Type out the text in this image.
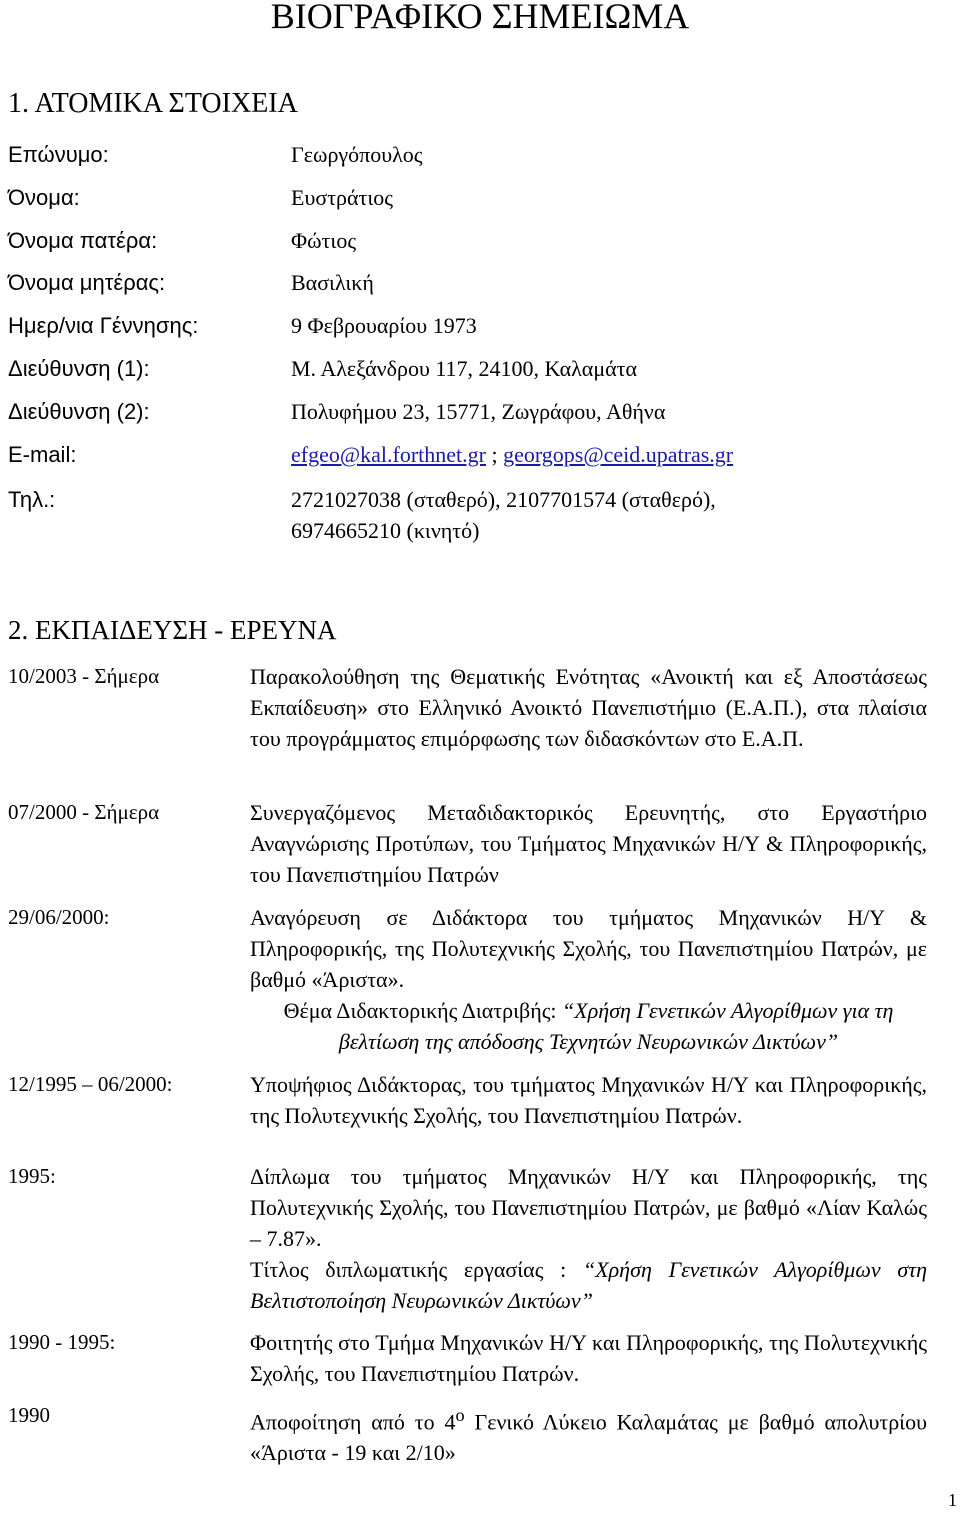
ΒΙΟΓΡΑΦΙΚΟ ΣΗΜΕΙΩΜΑ
1. ΑΤΟΜΙΚΑ ΣΤΟΙΧΕΙΑ
Επώνυμο:	Γεωργόπουλος
Όνομα:	Ευστράτιος
Όνομα πατέρα:	Φώτιος
Όνομα μητέρας:	Βασιλική
Ημερ/νια Γέννησης:	9 Φεβρουαρίου 1973
Διεύθυνση (1):	Μ. Αλεξάνδρου 117, 24100, Καλαμάτα
Διεύθυνση (2):	Πολυφήμου 23, 15771, Ζωγράφου, Αθήνα
E-mail:	efgeo@kal.forthnet.gr ; georgops@ceid.upatras.gr
Τηλ.:	2721027038 (σταθερό), 2107701574 (σταθερό),
6974665210 (κινητό)
2. ΕΚΠΑΙΔΕΥΣΗ - ΕΡΕΥΝΑ
10/2003 - Σήμερα	Παρακολούθηση της Θεματικής Ενότητας «Ανοικτή και εξ Αποστάσεως Εκπαίδευση» στο Ελληνικό Ανοικτό Πανεπιστήμιο (Ε.Α.Π.), στα πλαίσια του προγράμματος επιμόρφωσης των διδασκόντων στο Ε.Α.Π.

07/2000 - Σήμερα	Συνεργαζόμενος Μεταδιδακτορικός Ερευνητής, στο Εργαστήριο Αναγνώρισης Προτύπων, του Τμήματος Μηχανικών Η/Υ & Πληροφορικής, του Πανεπιστημίου Πατρών

29/06/2000:	Αναγόρευση σε Διδάκτορα του τμήματος Μηχανικών Η/Υ & Πληροφορικής, της Πολυτεχνικής Σχολής, του Πανεπιστημίου Πατρών, με βαθμό «Άριστα».

Θέμα Διδακτορικής Διατριβής: “Χρήση Γενετικών Αλγορίθμων για τη βελτίωση της απόδοσης Τεχνητών Νευρωνικών Δικτύων”

12/1995 – 06/2000:	Υποψήφιος Διδάκτορας, του τμήματος Μηχανικών Η/Υ και Πληροφορικής, της Πολυτεχνικής Σχολής, του Πανεπιστημίου Πατρών.

1995:	Δίπλωμα του τμήματος Μηχανικών Η/Υ και Πληροφορικής, της Πολυτεχνικής Σχολής, του Πανεπιστημίου Πατρών, με βαθμό «Λίαν Καλώς – 7.87».

Τίτλος διπλωματικής εργασίας : “Χρήση Γενετικών Αλγορίθμων στη Βελτιστοποίηση Νευρωνικών Δικτύων”

1990 - 1995:	Φοιτητής στο Τμήμα Μηχανικών Η/Υ και Πληροφορικής, της Πολυτεχνικής Σχολής, του Πανεπιστημίου Πατρών.

1990	Αποφοίτηση από το $4^o$ Γενικό Λύκειο Καλαμάτας με βαθμό απολυτρίου «Άριστα - 19 και 2/10»

1
